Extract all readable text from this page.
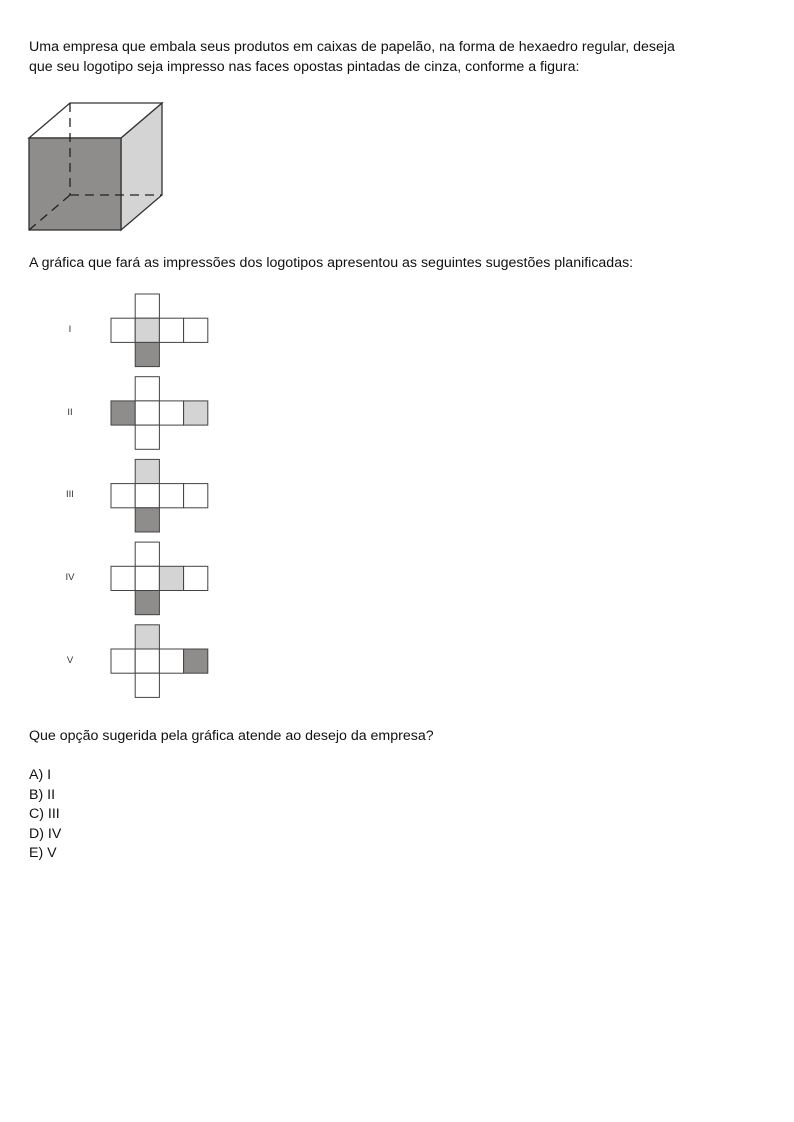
Uma empresa que embala seus produtos em caixas de papelão, na forma de hexaedro regular, deseja
que seu logotipo seja impresso nas faces opostas pintadas de cinza, conforme a figura:

A gráfica que fará as impressões dos logotipos apresentou as seguintes sugestões planificadas:

I
II
III
IV
V

Que opção sugerida pela gráfica atende ao desejo da empresa?

A) I
B) II
C) III
D) IV
E) V
